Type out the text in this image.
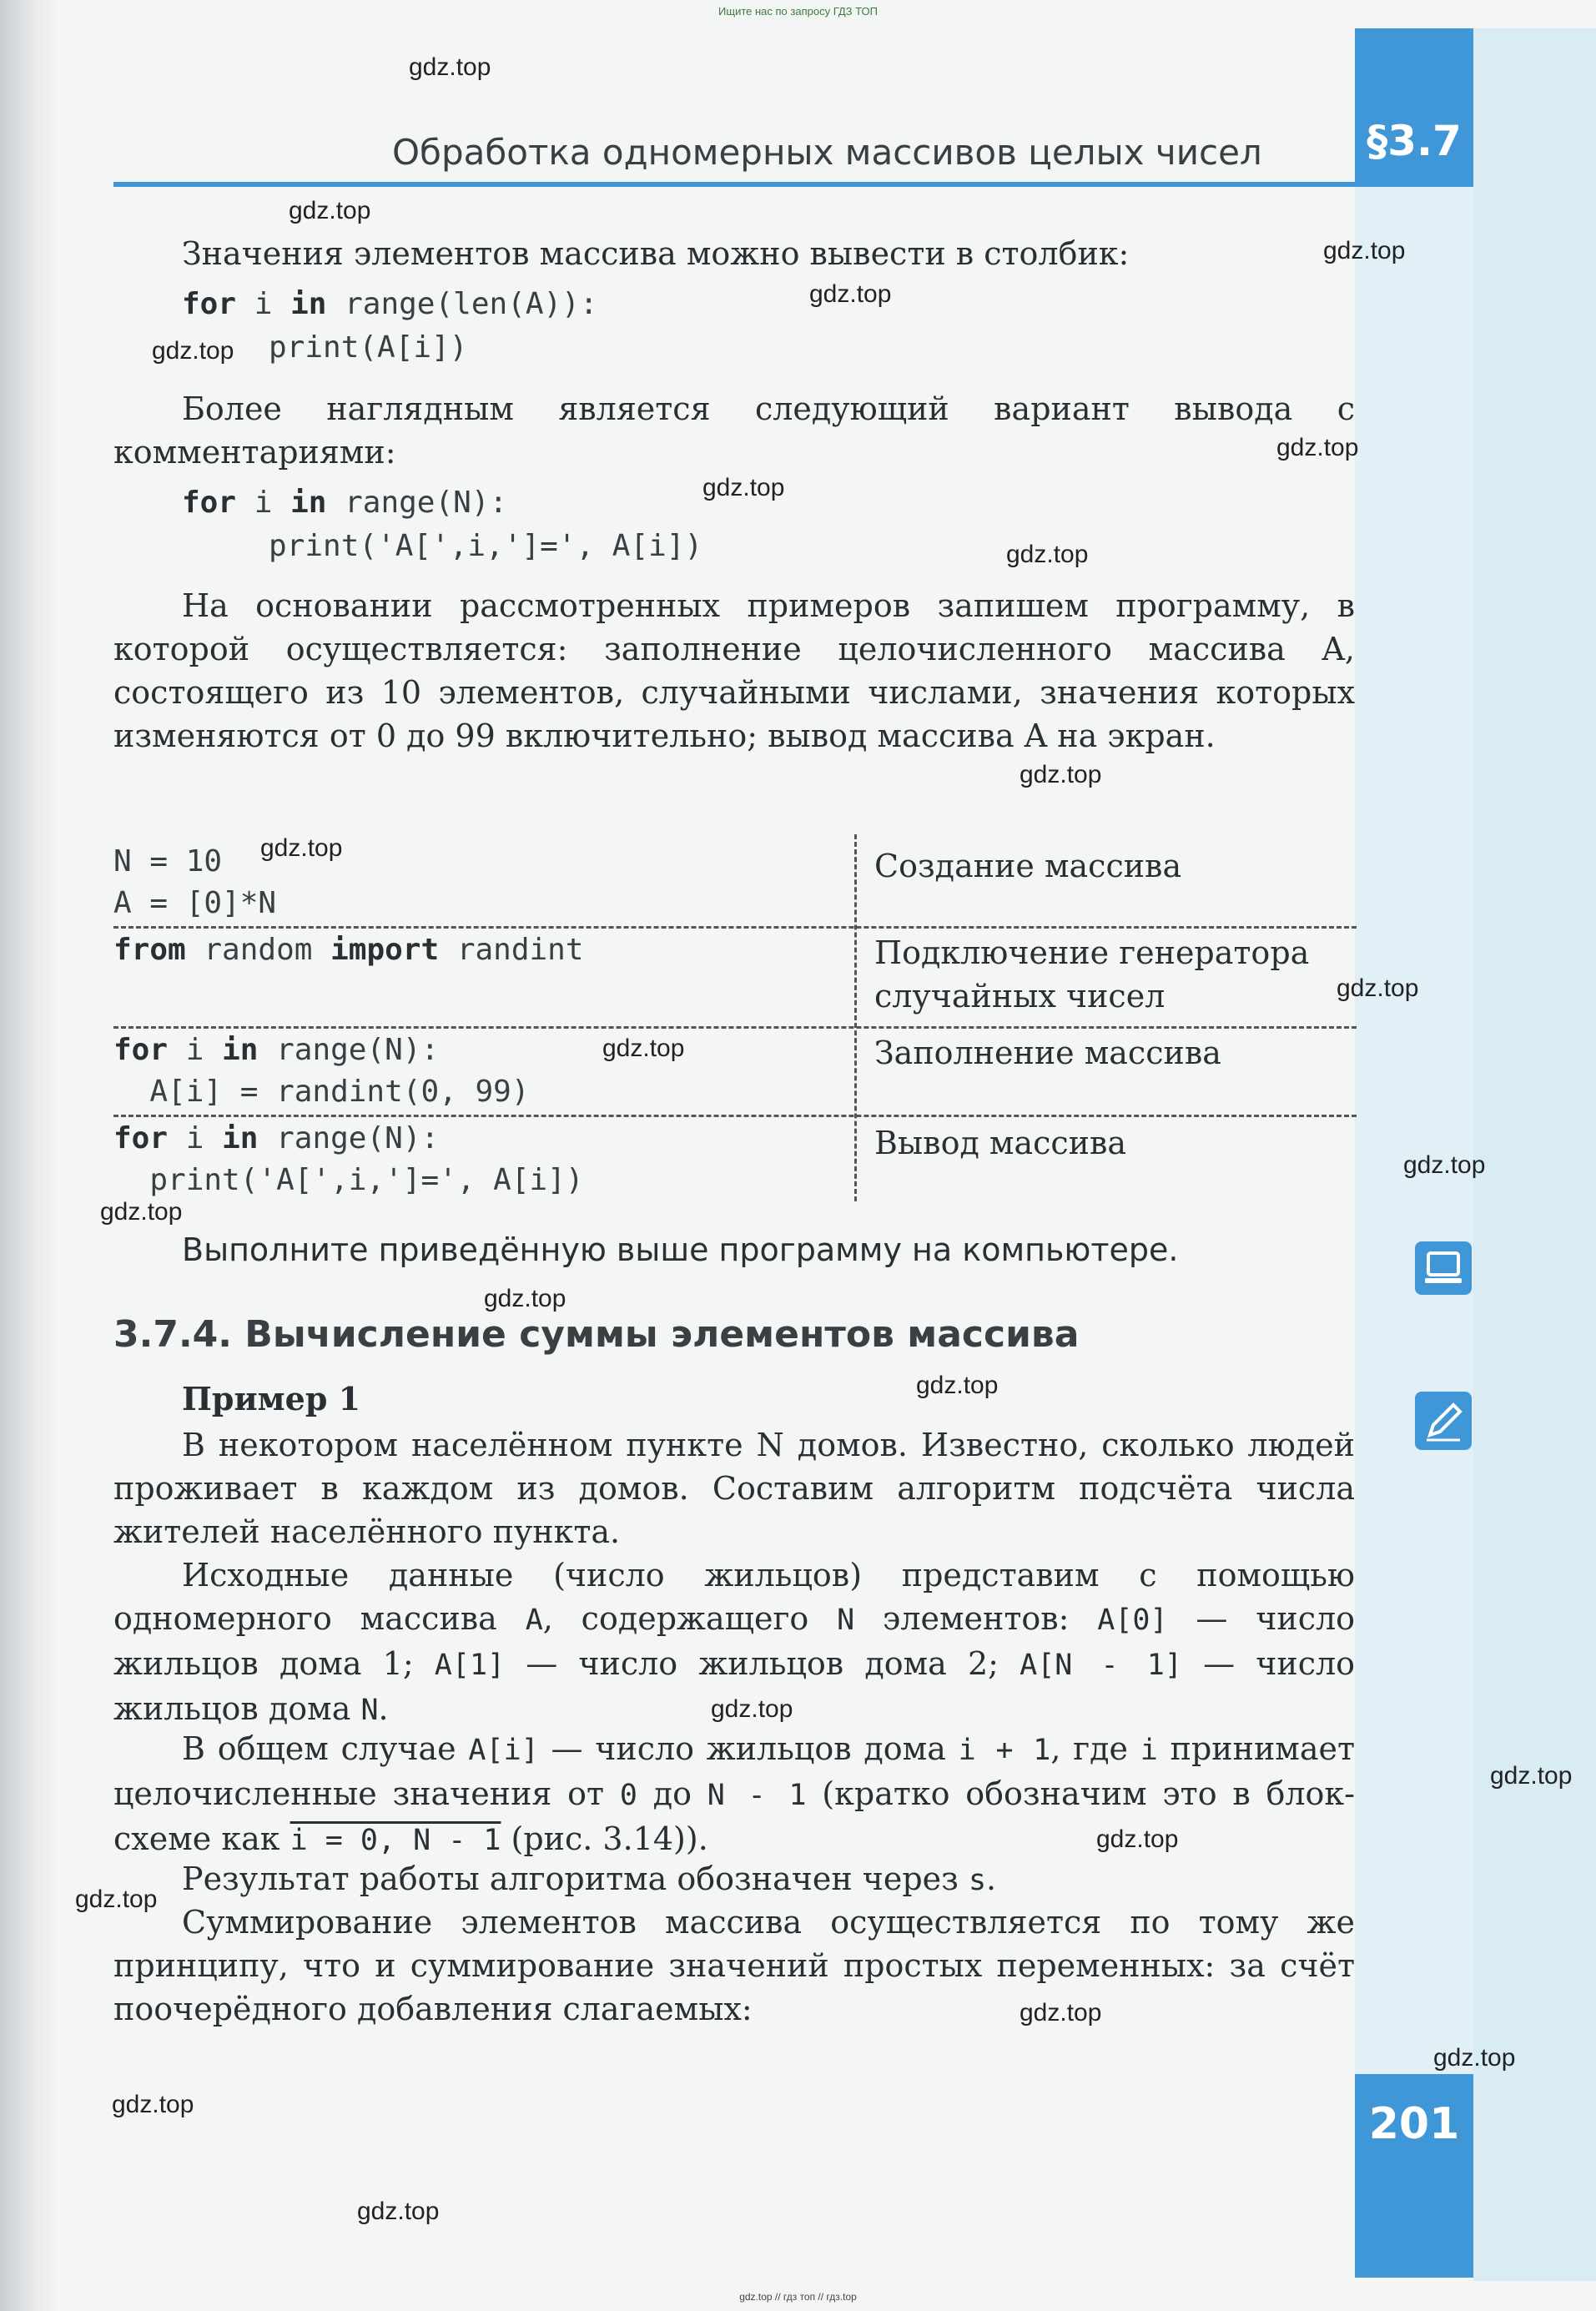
Ищите нас по запросу ГДЗ ТОП
§3.7
Обработка одномерных массивов целых чисел
Значения элементов массива можно вывести в столбик:
for i in range(len(A)):
print(A[i])
Более наглядным является следующий вариант вывода с комментариями:
for i in range(N):
print('A[',i,']=', A[i])
На основании рассмотренных примеров запишем программу, в которой осуществляется: заполнение целочисленного массива A, состоящего из 10 элементов, случайными числами, значения которых изменяются от 0 до 99 включительно; вывод массива A на экран.
N = 10
A = [0]*N
Создание массива
from random import randint	Подключение генератора случайных чисел
for i in range(N):
A[i] = randint(0, 99)
Заполнение массива
for i in range(N):
print('A[',i,']=', A[i])
Вывод массива
Выполните приведённую выше программу на компьютере.
3.7.4. Вычисление суммы элементов массива
Пример 1
В некотором населённом пункте N домов. Известно, сколько людей проживает в каждом из домов. Составим алгоритм подсчёта числа жителей населённого пункта.
Исходные данные (число жильцов) представим с помощью одномерного массива A, содержащего N элементов: A[0] — число жильцов дома 1; A[1] — число жильцов дома 2; A[N - 1] — число жильцов дома N.
В общем случае A[i] — число жильцов дома i + 1, где i принимает целочисленные значения от 0 до N - 1 (кратко обозначим это в блок-схеме как i = 0, N - 1 (рис. 3.14)).
Результат работы алгоритма обозначен через s.
Суммирование элементов массива осуществляется по тому же принципу, что и суммирование значений простых переменных: за счёт поочерёдного добавления слагаемых:
201
gdz.top
gdz.top
gdz.top
gdz.top
gdz.top
gdz.top
gdz.top
gdz.top
gdz.top
gdz.top
gdz.top
gdz.top
gdz.top
gdz.top
gdz.top
gdz.top
gdz.top
gdz.top
gdz.top
gdz.top
gdz.top
gdz.top
gdz.top
gdz.top
gdz.top // гдз топ // гдз.top
